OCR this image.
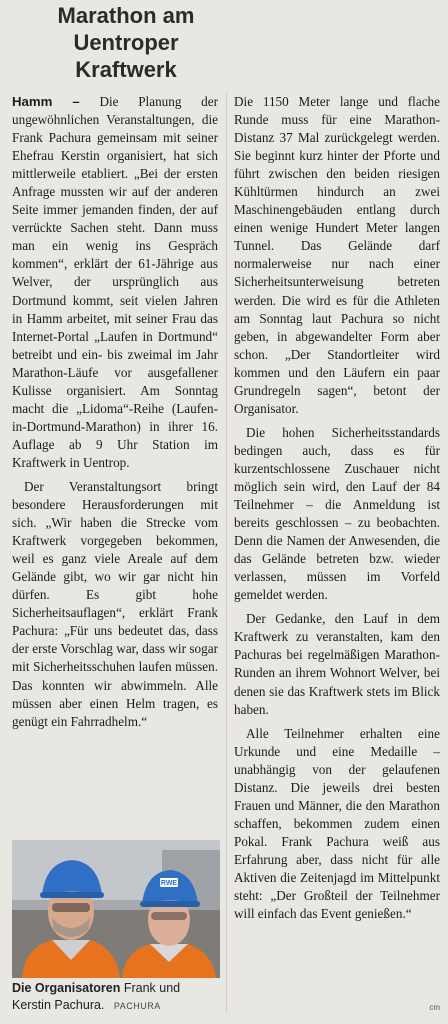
Marathon am
Uentroper
Kraftwerk

Hamm – Die Planung der ungewöhnlichen Veranstaltungen, die Frank Pachura gemeinsam mit seiner Ehefrau Kerstin organisiert, hat sich mittlerweile etabliert. „Bei der ersten Anfrage mussten wir auf der anderen Seite immer jemanden finden, der auf verrückte Sachen steht. Dann muss man ein wenig ins Gespräch kommen“, erklärt der 61-Jährige aus Welver, der ursprünglich aus Dortmund kommt, seit vielen Jahren in Hamm arbeitet, mit seiner Frau das Internet-Portal „Laufen in Dortmund“ betreibt und ein- bis zweimal im Jahr Marathon-Läufe vor ausgefallener Kulisse organisiert. Am Sonntag macht die „Lidoma“-Reihe (Laufen-in-Dortmund-Marathon) in ihrer 16. Auflage ab 9 Uhr Station im Kraftwerk in Uentrop.

Der Veranstaltungsort bringt besondere Herausforderungen mit sich. „Wir haben die Strecke vom Kraftwerk vorgegeben bekommen, weil es ganz viele Areale auf dem Gelände gibt, wo wir gar nicht hin dürfen. Es gibt hohe Sicherheitsauflagen“, erklärt Frank Pachura: „Für uns bedeutet das, dass der erste Vorschlag war, dass wir sogar mit Sicherheitsschuhen laufen müssen. Das konnten wir abwimmeln. Alle müssen aber einen Helm tragen, es genügt ein Fahrradhelm.“

Die 1150 Meter lange und flache Runde muss für eine Marathon-Distanz 37 Mal zurückgelegt werden. Sie beginnt kurz hinter der Pforte und führt zwischen den beiden riesigen Kühltürmen hindurch an zwei Maschinengebäuden entlang durch einen wenige Hundert Meter langen Tunnel. Das Gelände darf normalerweise nur nach einer Sicherheitsunterweisung betreten werden. Die wird es für die Athleten am Sonntag laut Pachura so nicht geben, in abgewandelter Form aber schon. „Der Standortleiter wird kommen und den Läufern ein paar Grundregeln sagen“, betont der Organisator.

Die hohen Sicherheitsstandards bedingen auch, dass es für kurzentschlossene Zuschauer nicht möglich sein wird, den Lauf der 84 Teilnehmer – die Anmeldung ist bereits geschlossen – zu beobachten. Denn die Namen der Anwesenden, die das Gelände betreten bzw. wieder verlassen, müssen im Vorfeld gemeldet werden.

Der Gedanke, den Lauf in dem Kraftwerk zu veranstalten, kam den Pachuras bei regelmäßigen Marathon-Runden an ihrem Wohnort Welver, bei denen sie das Kraftwerk stets im Blick haben.

Alle Teilnehmer erhalten eine Urkunde und eine Medaille – unabhängig von der gelaufenen Distanz. Die jeweils drei besten Frauen und Männer, die den Marathon schaffen, bekommen zudem einen Pokal. Frank Pachura weiß aus Erfahrung aber, dass nicht für alle Aktiven die Zeitenjagd im Mittelpunkt steht: „Der Großteil der Teilnehmer will einfach das Event genießen.“

RWE
Die Organisatoren Frank und Kerstin Pachura. PACHURA	cm
